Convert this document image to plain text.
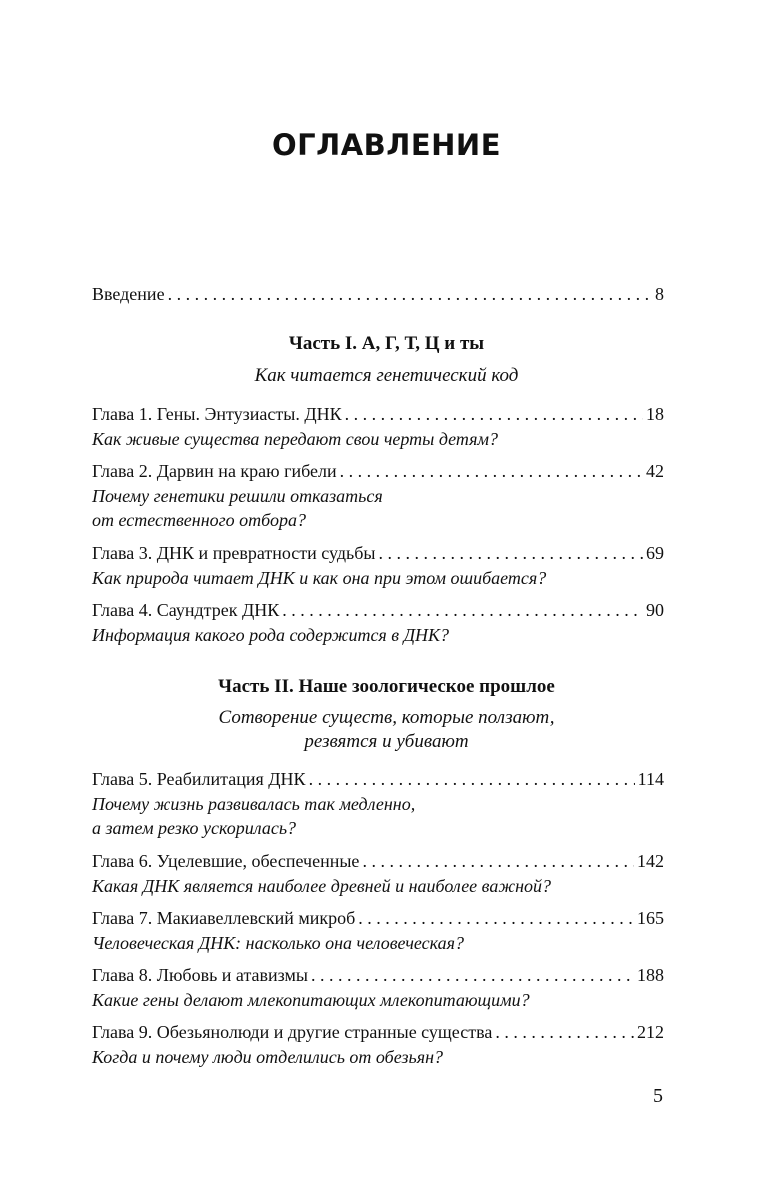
ОГЛАВЛЕНИЕ
Введение . . .	8
Часть I. А, Г, Т, Ц и ты
Как читается генетический код
Глава 1. Гены. Энтузиасты. ДНК . . .	18
Как живые существа передают свои черты детям?
Глава 2. Дарвин на краю гибели . . .	42
Почему генетики решили отказаться
от естественного отбора?
Глава 3. ДНК и превратности судьбы . . .	69
Как природа читает ДНК и как она при этом ошибается?
Глава 4. Саундтрек ДНК . . .	90
Информация какого рода содержится в ДНК?
Часть II. Наше зоологическое прошлое
Сотворение существ, которые ползают,
резвятся и убивают
Глава 5. Реабилитация ДНК . . .	114
Почему жизнь развивалась так медленно,
а затем резко ускорилась?
Глава 6. Уцелевшие, обеспеченные . . .	142
Какая ДНК является наиболее древней и наиболее важной?
Глава 7. Макиавеллевский микроб . . .	165
Человеческая ДНК: насколько она человеческая?
Глава 8. Любовь и атавизмы . . .	188
Какие гены делают млекопитающих млекопитающими?
Глава 9. Обезьянолюди и другие странные существа . . .	212
Когда и почему люди отделились от обезьян?
5
